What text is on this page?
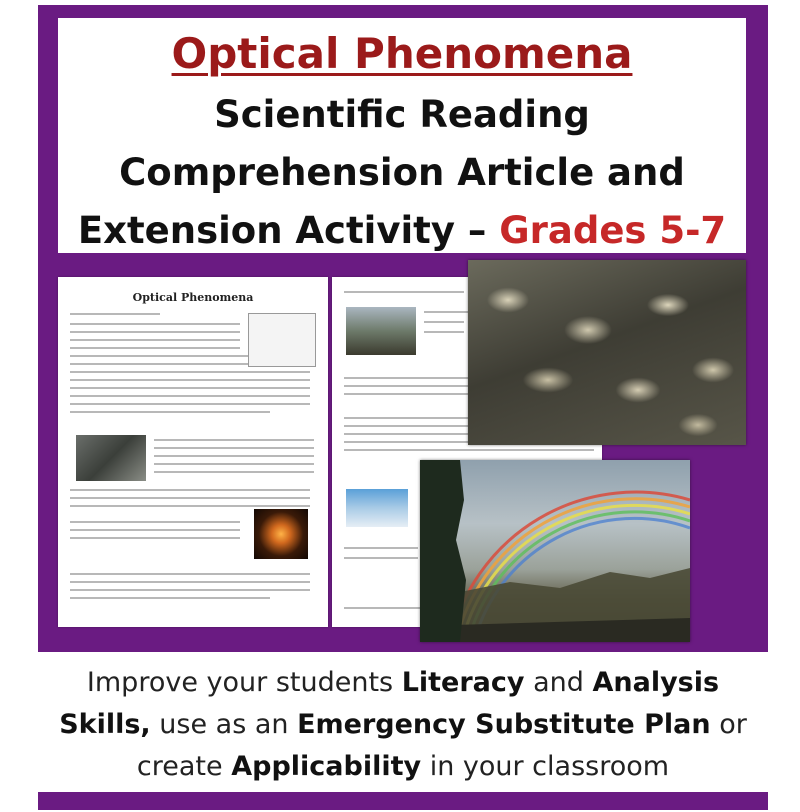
Optical Phenomena
Scientific Reading
Comprehension Article and
Extension Activity – Grades 5-7
Optical Phenomena
Improve your students Literacy and Analysis
Skills, use as an Emergency Substitute Plan or
create Applicability in your classroom
